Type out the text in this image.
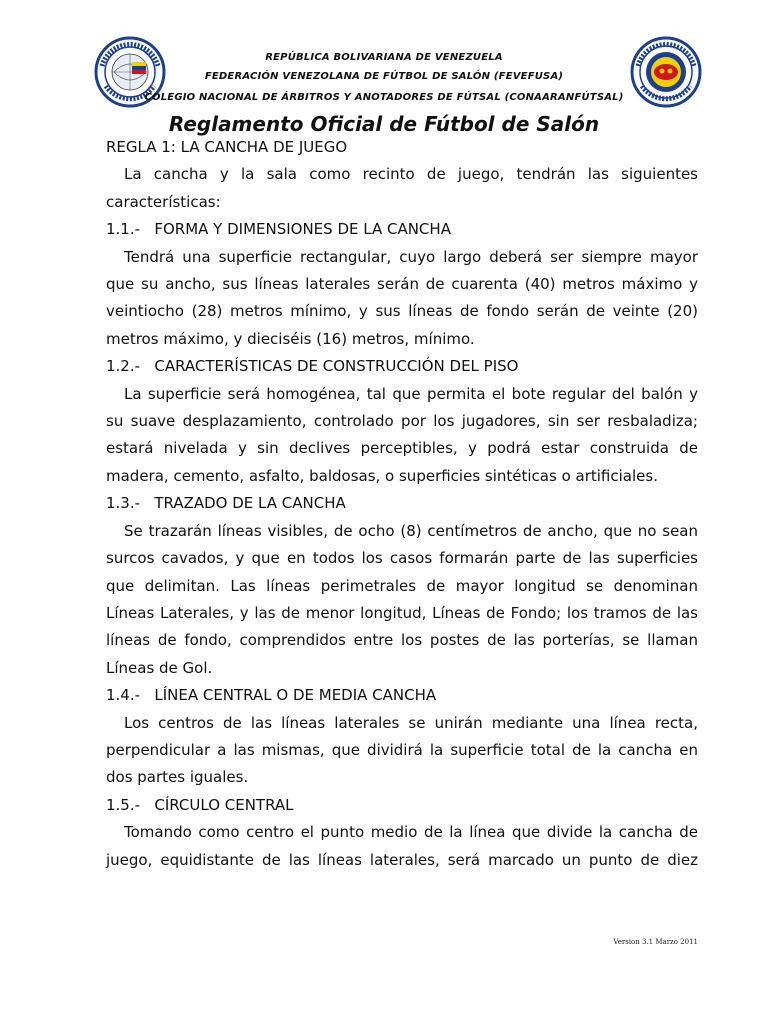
REPÚBLICA BOLIVARIANA DE VENEZUELA
FEDERACIÓN VENEZOLANA DE FÚTBOL DE SALÓN (FEVEFUSA)
COLEGIO NACIONAL DE ÁRBITROS Y ANOTADORES DE FÚTSAL (CONAARANFÚTSAL)
Reglamento Oficial de Fútbol de Salón

REGLA 1: LA CANCHA DE JUEGO

La cancha y la sala como recinto de juego, tendrán las siguientes características:

1.1.-   FORMA Y DIMENSIONES DE LA CANCHA

Tendrá una superficie rectangular, cuyo largo deberá ser siempre mayor que su ancho, sus líneas laterales serán de cuarenta (40) metros máximo y veintiocho (28) metros mínimo, y sus líneas de fondo serán de veinte (20) metros máximo, y dieciséis (16) metros, mínimo.

1.2.-   CARACTERÍSTICAS DE CONSTRUCCIÓN DEL PISO

La superficie será homogénea, tal que permita el bote regular del balón y su suave desplazamiento, controlado por los jugadores, sin ser resbaladiza; estará nivelada y sin declives perceptibles, y podrá estar construida de madera, cemento, asfalto, baldosas, o superficies sintéticas o artificiales.

1.3.-   TRAZADO DE LA CANCHA

Se trazarán líneas visibles, de ocho (8) centímetros de ancho, que no sean surcos cavados, y que en todos los casos formarán parte de las superficies que delimitan. Las líneas perimetrales de mayor longitud se denominan Líneas Laterales, y las de menor longitud, Líneas de Fondo; los tramos de las líneas de fondo, comprendidos entre los postes de las porterías, se llaman Líneas de Gol.

1.4.-   LÍNEA CENTRAL O DE MEDIA CANCHA

Los centros de las líneas laterales se unirán mediante una línea recta, perpendicular a las mismas, que dividirá la superficie total de la cancha en dos partes iguales.

1.5.-   CÍRCULO CENTRAL

Tomando como centro el punto medio de la línea que divide la cancha de juego, equidistante de las líneas laterales, será marcado un punto de diez

Version 3.1 Marzo 2011
